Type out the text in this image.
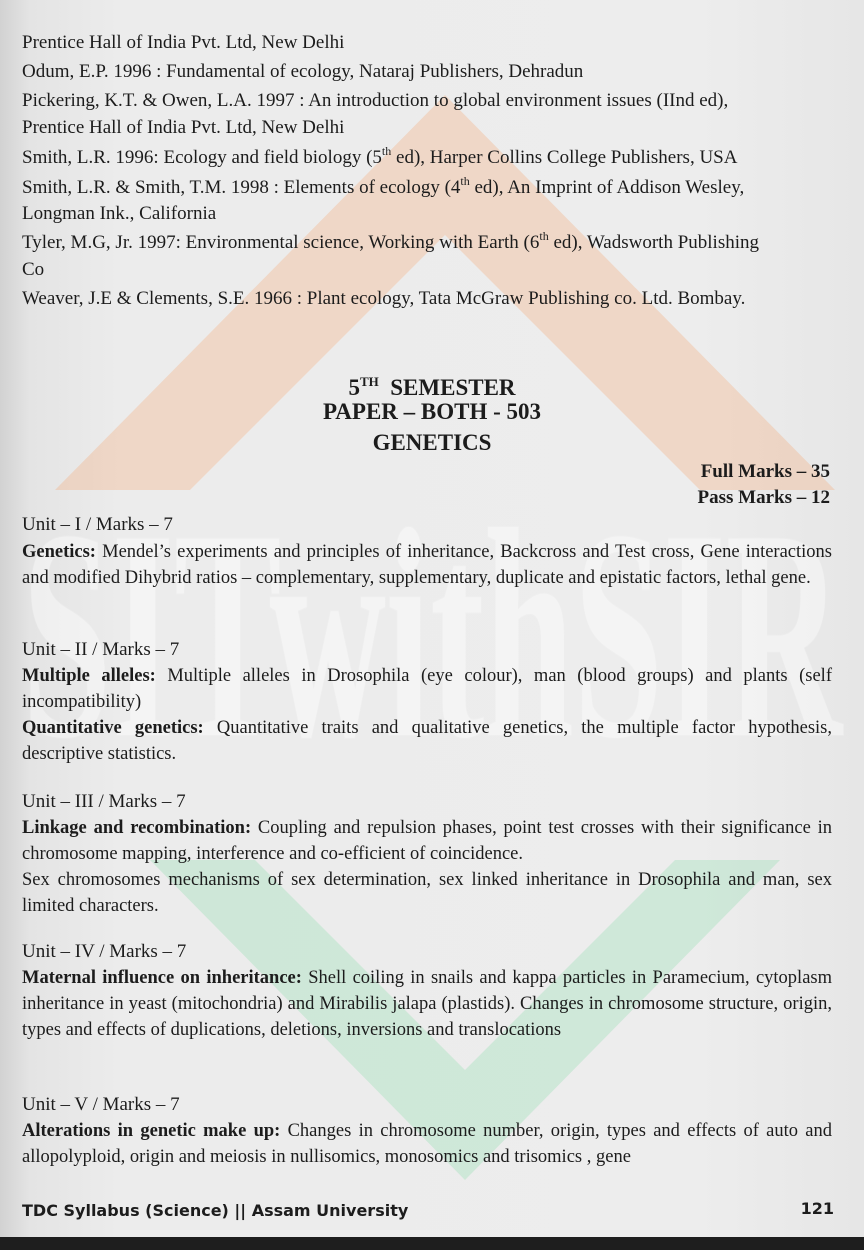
SITwithSIR
Prentice Hall of India Pvt. Ltd, New Delhi
Odum, E.P. 1996 : Fundamental of ecology, Nataraj Publishers, Dehradun
Pickering, K.T. & Owen, L.A. 1997 : An introduction to global environment issues (IInd ed),
Prentice Hall of India Pvt. Ltd, New Delhi
Smith, L.R. 1996: Ecology and field biology (5th ed), Harper Collins College Publishers, USA
Smith, L.R. & Smith, T.M. 1998 : Elements of ecology (4th ed), An Imprint of Addison Wesley,
Longman Ink., California
Tyler, M.G, Jr. 1997: Environmental science, Working with Earth (6th ed), Wadsworth Publishing
Co
Weaver, J.E & Clements, S.E. 1966 : Plant ecology, Tata McGraw Publishing co. Ltd. Bombay.
5TH SEMESTER
PAPER – BOTH - 503
GENETICS
Full Marks – 35
Pass Marks – 12
Unit – I / Marks – 7
Genetics: Mendel’s experiments and principles of inheritance, Backcross and Test cross, Gene interactions and modified Dihybrid ratios – complementary, supplementary, duplicate and epistatic factors, lethal gene.
Unit – II / Marks – 7
Multiple alleles: Multiple alleles in Drosophila (eye colour), man (blood groups) and plants (self incompatibility)
Quantitative genetics: Quantitative traits and qualitative genetics, the multiple factor hypothesis, descriptive statistics.
Unit – III / Marks – 7
Linkage and recombination: Coupling and repulsion phases, point test crosses with their significance in chromosome mapping, interference and co-efficient of coincidence.
Sex chromosomes mechanisms of sex determination, sex linked inheritance in Drosophila and man, sex limited characters.
Unit – IV / Marks – 7
Maternal influence on inheritance: Shell coiling in snails and kappa particles in Paramecium, cytoplasm inheritance in yeast (mitochondria) and Mirabilis jalapa (plastids). Changes in chromosome structure, origin, types and effects of duplications, deletions, inversions and translocations
Unit – V / Marks – 7
Alterations in genetic make up: Changes in chromosome number, origin, types and effects of auto and allopolyploid, origin and meiosis in nullisomics, monosomics and trisomics , gene
TDC Syllabus (Science) || Assam University	121
